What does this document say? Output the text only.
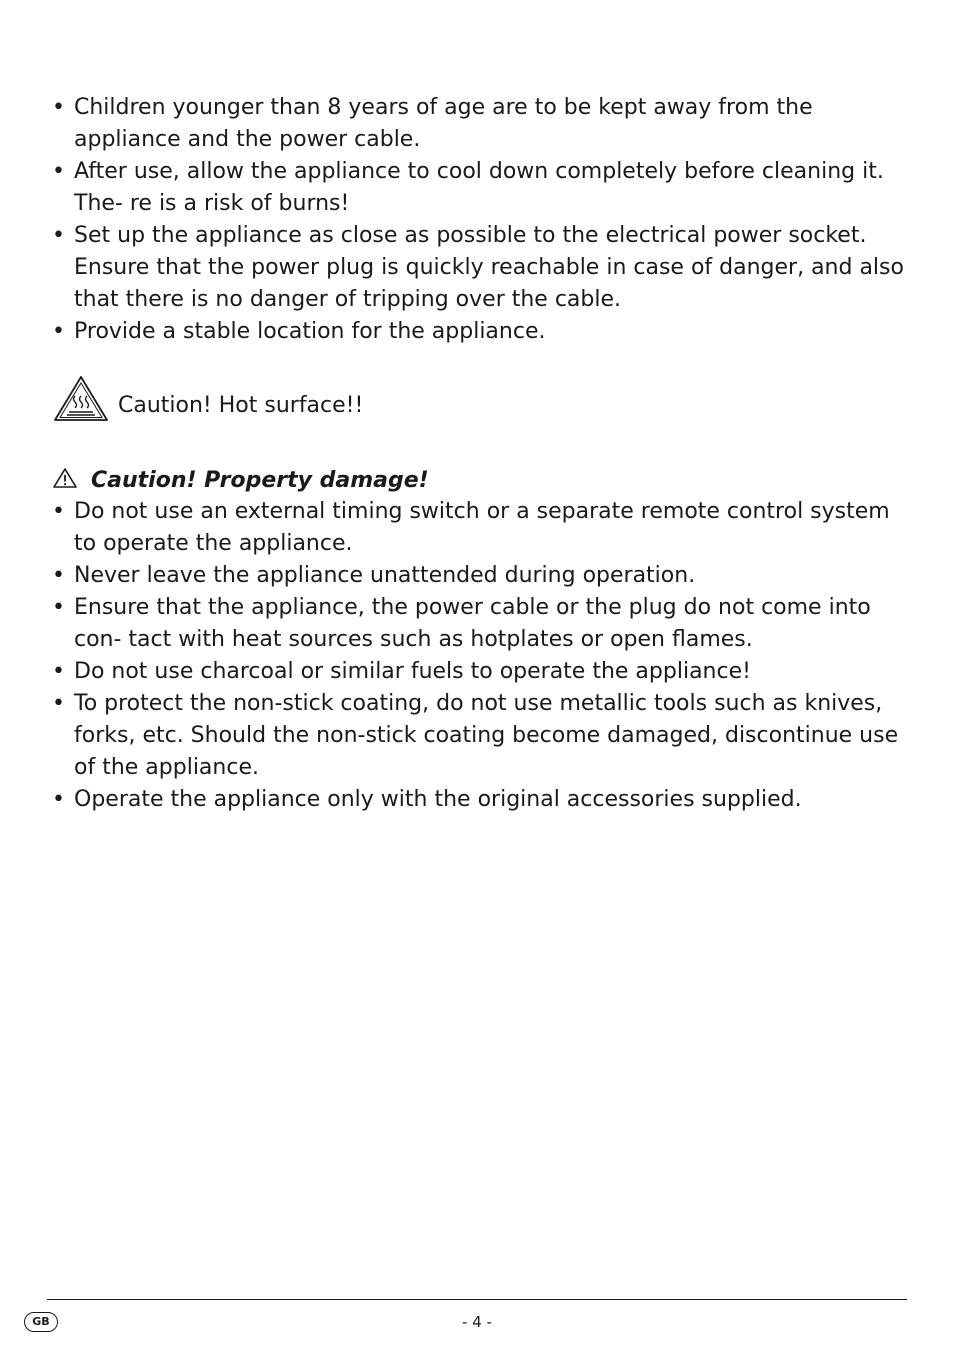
• Children younger than 8 years of age are to be kept away from the appliance and the power cable.
• After use, allow the appliance to cool down completely before cleaning it. The- re is a risk of burns!
• Set up the appliance as close as possible to the electrical power socket. Ensure that the power plug is quickly reachable in case of danger, and also that there is no danger of tripping over the cable.
• Provide a stable location for the appliance.
Caution! Hot surface!!
Caution! Property damage!
• Do not use an external timing switch or a separate remote control system to operate the appliance.
• Never leave the appliance unattended during operation.
• Ensure that the appliance, the power cable or the plug do not come into con- tact with heat sources such as hotplates or open flames.
• Do not use charcoal or similar fuels to operate the appliance!
• To protect the non-stick coating, do not use metallic tools such as knives, forks, etc. Should the non-stick coating become damaged, discontinue use of the appliance.
• Operate the appliance only with the original accessories supplied.
GB	- 4 -
